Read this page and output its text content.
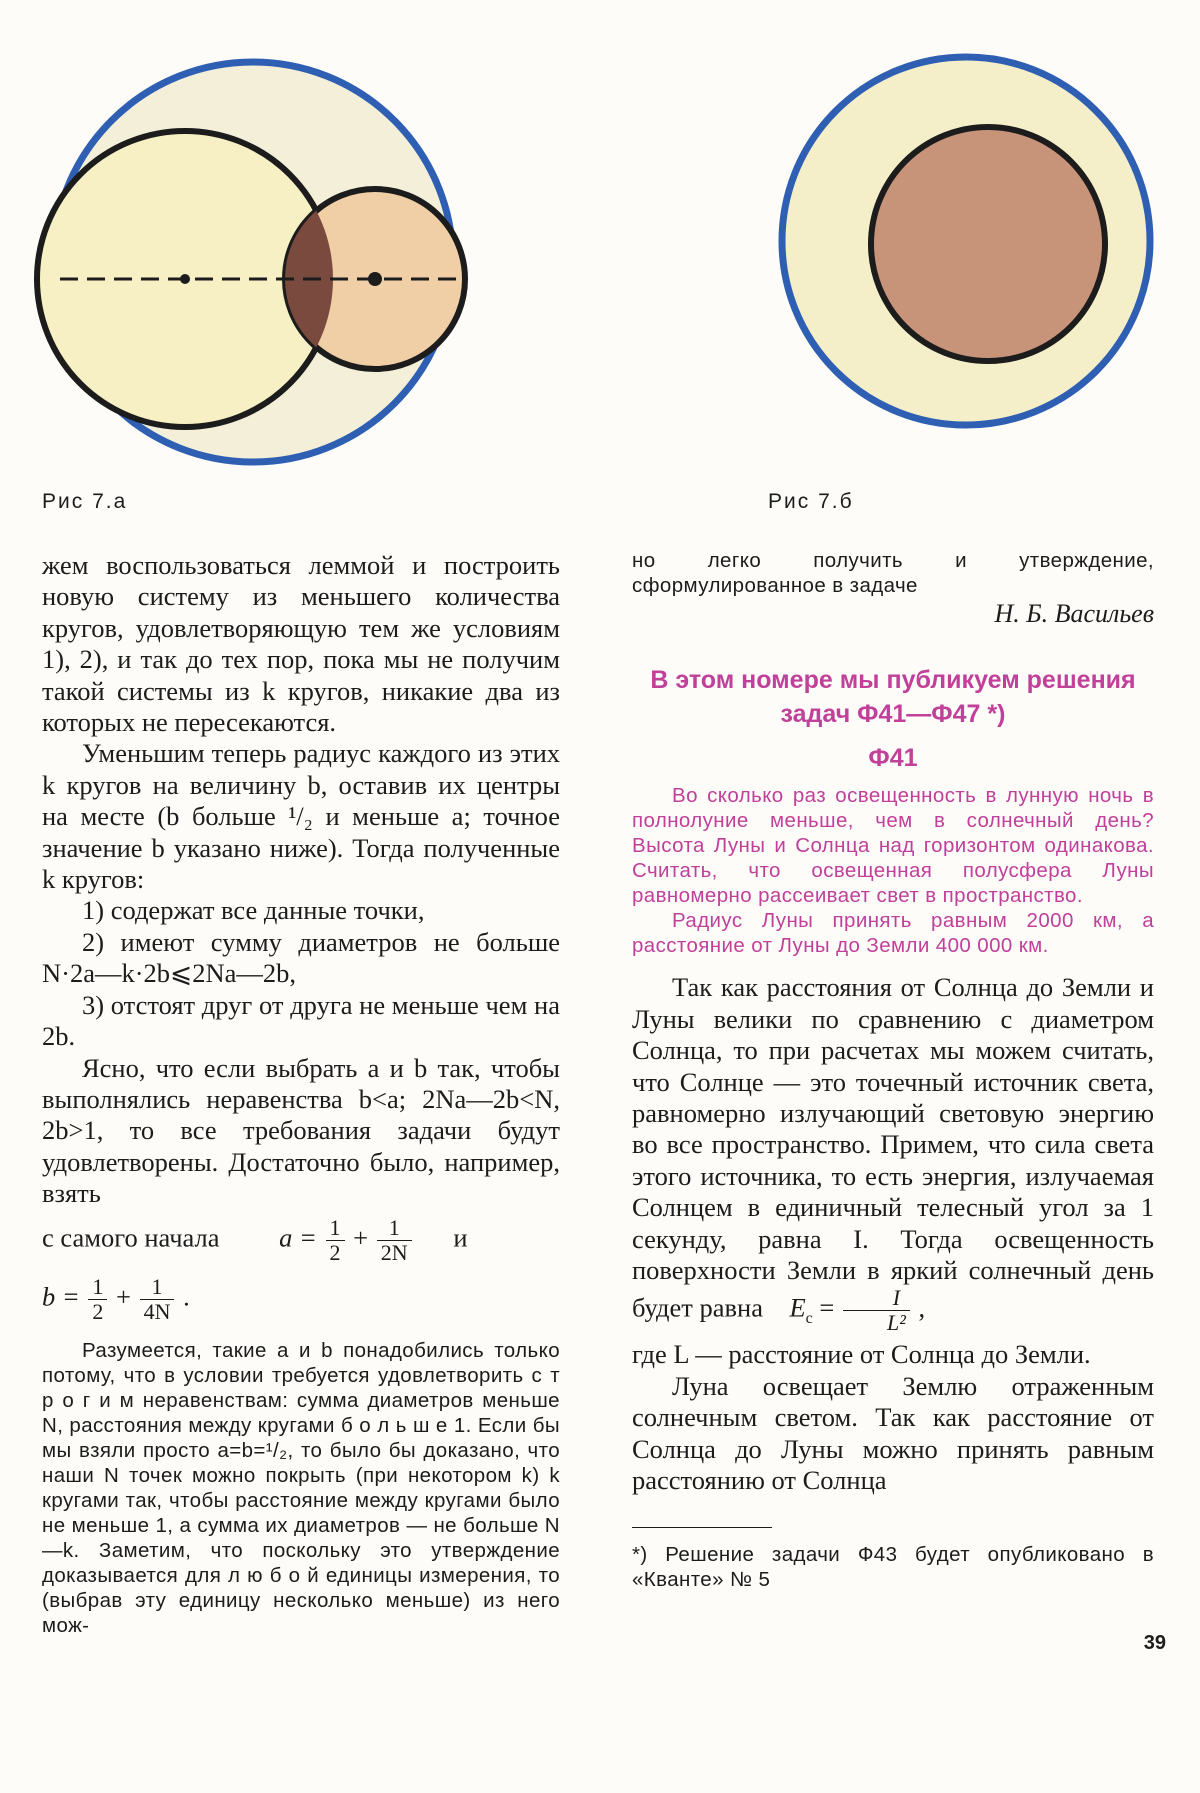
Рис 7.а	Рис 7.б

жем воспользоваться леммой и построить новую систему из меньшего количества кругов, удовлетворяющую тем же условиям 1), 2), и так до тех пор, пока мы не получим такой системы из k кругов, никакие два из которых не пересекаются.

Уменьшим теперь радиус каждого из этих k кругов на величину b, оставив их центры на месте (b больше ¹/₂ и меньше a; точное значение b указано ниже). Тогда полученные k кругов:

1) содержат все данные точки,

2) имеют сумму диаметров не больше N·2a—k·2b⩽2Na—2b,

3) отстоят друг от друга не меньше чем на 2b.

Ясно, что если выбрать a и b так, чтобы выполнялись неравенства b<a; 2Na—2b<N, 2b>1, то все требования задачи будут удовлетворены. Достаточно было, например, взять

с самого начала $a = \frac{1}{2} + \frac{1}{2N}$ и

$b = \frac{1}{2} + \frac{1}{4N}$ .

Разумеется, такие a и b понадобились только потому, что в условии требуется удовлетворить с т р о г и м неравенствам: сумма диаметров меньше N, расстояния между кругами б о л ь ш е 1. Если бы мы взяли просто a=b=¹/₂, то было бы доказано, что наши N точек можно покрыть (при некотором k) k кругами так, чтобы расстояние между кругами было не меньше 1, а сумма их диаметров — не больше N—k. Заметим, что поскольку это утверждение доказывается для л ю б о й единицы измерения, то (выбрав эту единицу несколько меньше) из него мож-

но легко получить и утверждение, сформулированное в задаче

Н. Б. Васильев

В этом номере мы публикуем решения задач Ф41—Ф47 *)

Ф41

Во сколько раз освещенность в лунную ночь в полнолуние меньше, чем в солнечный день? Высота Луны и Солнца над горизонтом одинакова. Считать, что освещенная полусфера Луны равномерно рассеивает свет в пространство.

Радиус Луны принять равным 2000 км, а расстояние от Луны до Земли 400 000 км.

Так как расстояния от Солнца до Земли и Луны велики по сравнению с диаметром Солнца, то при расчетах мы можем считать, что Солнце — это точечный источник света, равномерно излучающий световую энергию во все пространство. Примем, что сила света этого источника, то есть энергия, излучаемая Солнцем в единичный телесный угол за 1 секунду, равна I. Тогда освещенность поверхности Земли в яркий солнечный день будет равна $E_c = \frac{I}{\text{L²}}$ ,

где L — расстояние от Солнца до Земли.

Луна освещает Землю отраженным солнечным светом. Так как расстояние от Солнца до Луны можно принять равным расстоянию от Солнца

*) Решение задачи Ф43 будет опубликовано в «Кванте» № 5

39
